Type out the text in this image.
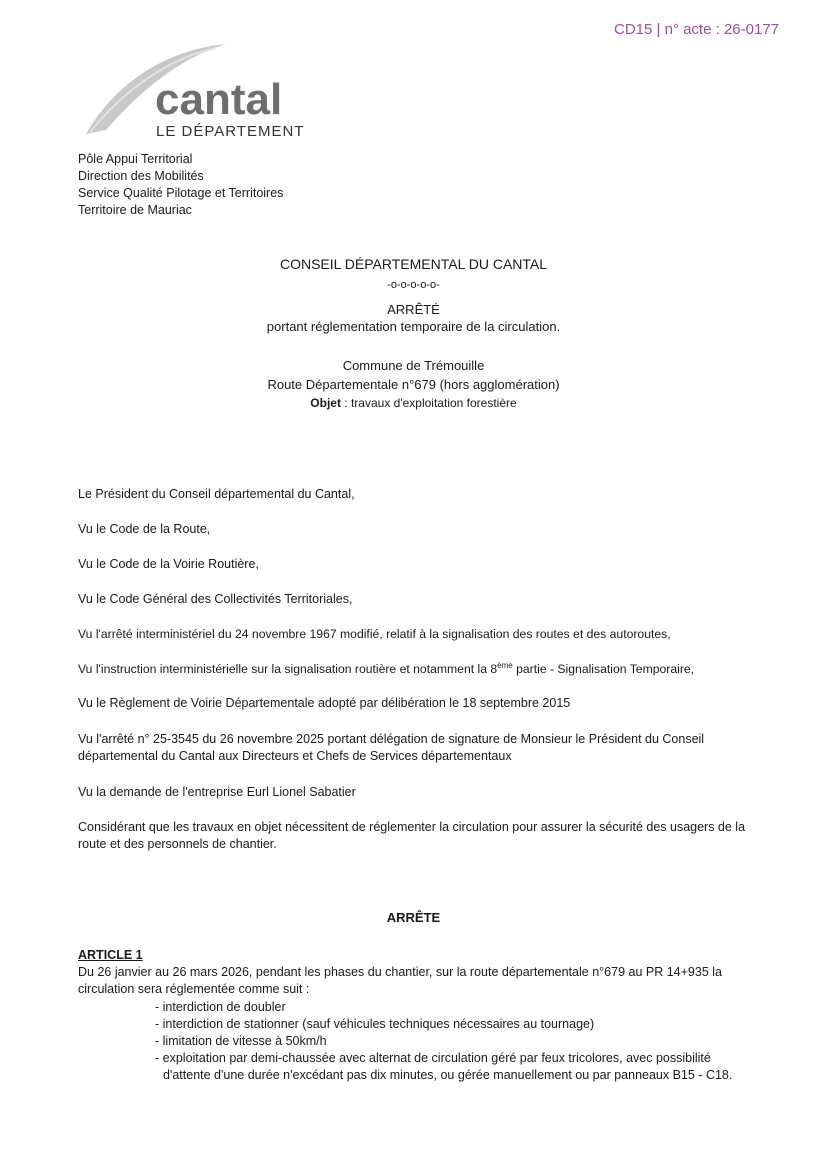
CD15 | n° acte : 26-0177
cantal
LE DÉPARTEMENT
Pôle Appui Territorial
Direction des Mobilités
Service Qualité Pilotage et Territoires
Territoire de Mauriac
CONSEIL DÉPARTEMENTAL DU CANTAL
-o-o-o-o-o-
ARRÊTÉ
portant réglementation temporaire de la circulation.
Commune de Trémouille
Route Départementale n°679 (hors agglomération)
Objet : travaux d'exploitation forestière
Le Président du Conseil départemental du Cantal,
Vu le Code de la Route,
Vu le Code de la Voirie Routière,
Vu le Code Général des Collectivités Territoriales,
Vu l'arrêté interministériel du 24 novembre 1967 modifié, relatif à la signalisation des routes et des autoroutes,
Vu l'instruction interministérielle sur la signalisation routière et notamment la 8ème partie - Signalisation Temporaire,
Vu le Règlement de Voirie Départementale adopté par délibération le 18 septembre 2015
Vu l'arrêté n° 25-3545 du 26 novembre 2025 portant délégation de signature de Monsieur le Président du Conseil départemental du Cantal aux Directeurs et Chefs de Services départementaux
Vu la demande de l'entreprise Eurl Lionel Sabatier
Considérant que les travaux en objet nécessitent de réglementer la circulation pour assurer la sécurité des usagers de la route et des personnels de chantier.
ARRÊTE
ARTICLE 1
Du 26 janvier au 26 mars 2026, pendant les phases du chantier, sur la route départementale n°679 au PR 14+935 la circulation sera réglementée comme suit :
- interdiction de doubler
- interdiction de stationner (sauf véhicules techniques nécessaires au tournage)
- limitation de vitesse à 50km/h
- exploitation par demi-chaussée avec alternat de circulation géré par feux tricolores, avec possibilité
d'attente d'une durée n'excédant pas dix minutes, ou gérée manuellement ou par panneaux B15 - C18.
